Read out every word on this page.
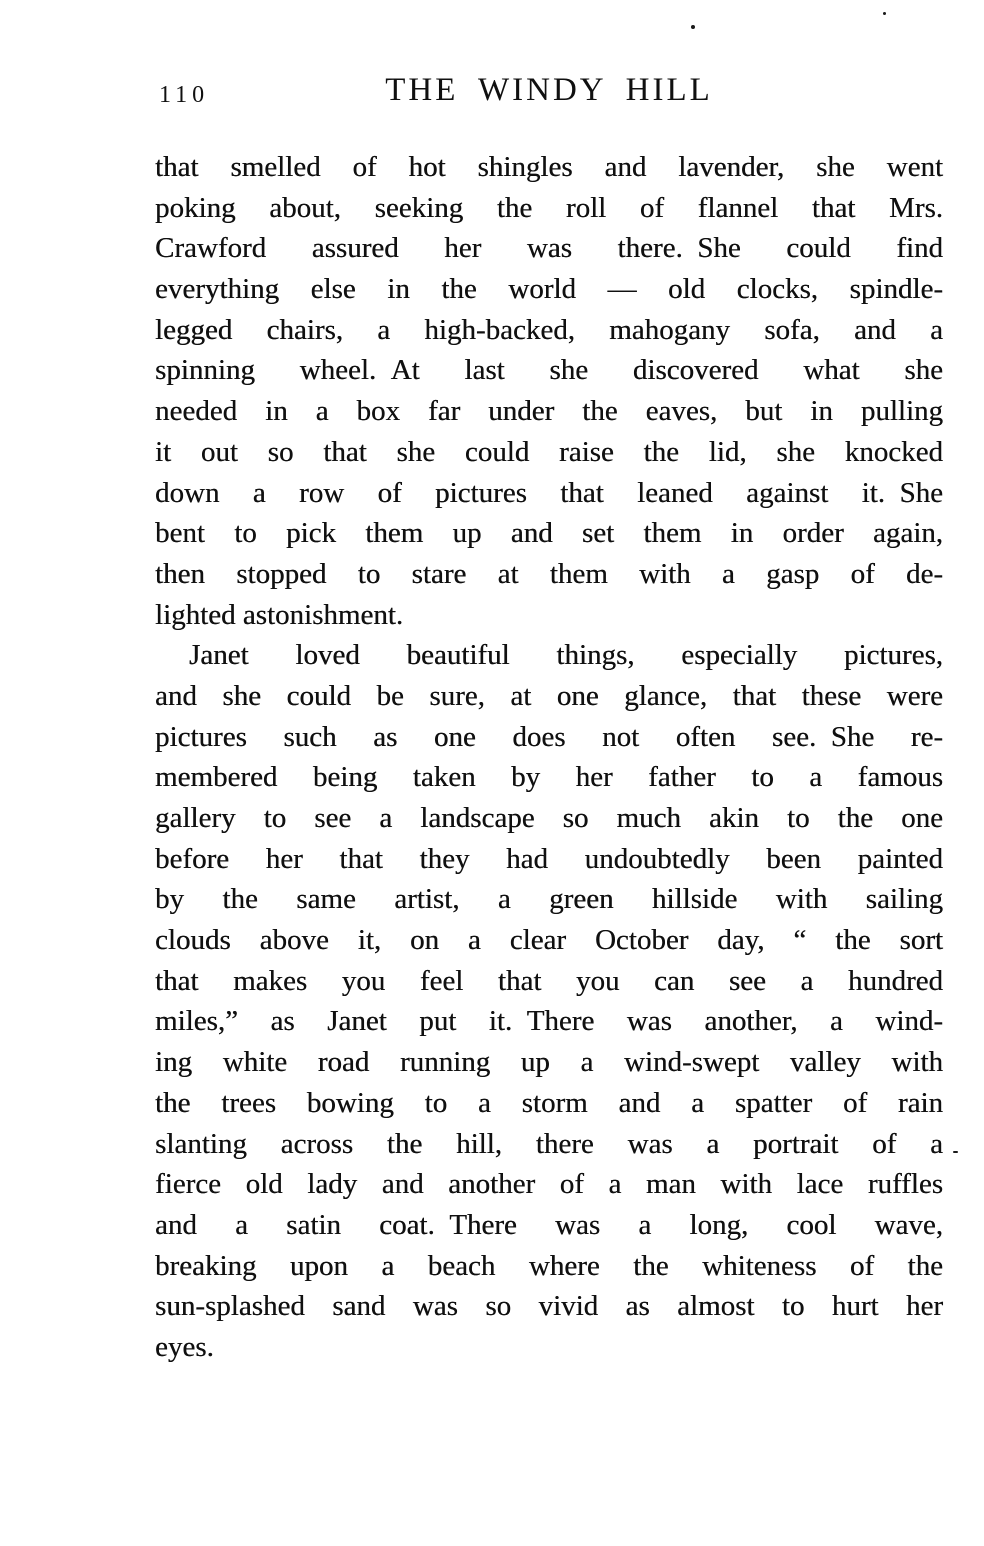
110	THE WINDY HILL
that smelled of hot shingles and lavender, she went
poking about, seeking the roll of flannel that Mrs.
Crawford assured her was there. She could find
everything else in the world — old clocks, spindle-
legged chairs, a high-backed, mahogany sofa, and a
spinning wheel. At last she discovered what she
needed in a box far under the eaves, but in pulling
it out so that she could raise the lid, she knocked
down a row of pictures that leaned against it. She
bent to pick them up and set them in order again,
then stopped to stare at them with a gasp of de-
lighted astonishment.
Janet loved beautiful things, especially pictures,
and she could be sure, at one glance, that these were
pictures such as one does not often see. She re-
membered being taken by her father to a famous
gallery to see a landscape so much akin to the one
before her that they had undoubtedly been painted
by the same artist, a green hillside with sailing
clouds above it, on a clear October day, “ the sort
that makes you feel that you can see a hundred
miles,” as Janet put it. There was another, a wind-
ing white road running up a wind-swept valley with
the trees bowing to a storm and a spatter of rain
slanting across the hill, there was a portrait of a
fierce old lady and another of a man with lace ruffles
and a satin coat. There was a long, cool wave,
breaking upon a beach where the whiteness of the
sun-splashed sand was so vivid as almost to hurt her
eyes.
